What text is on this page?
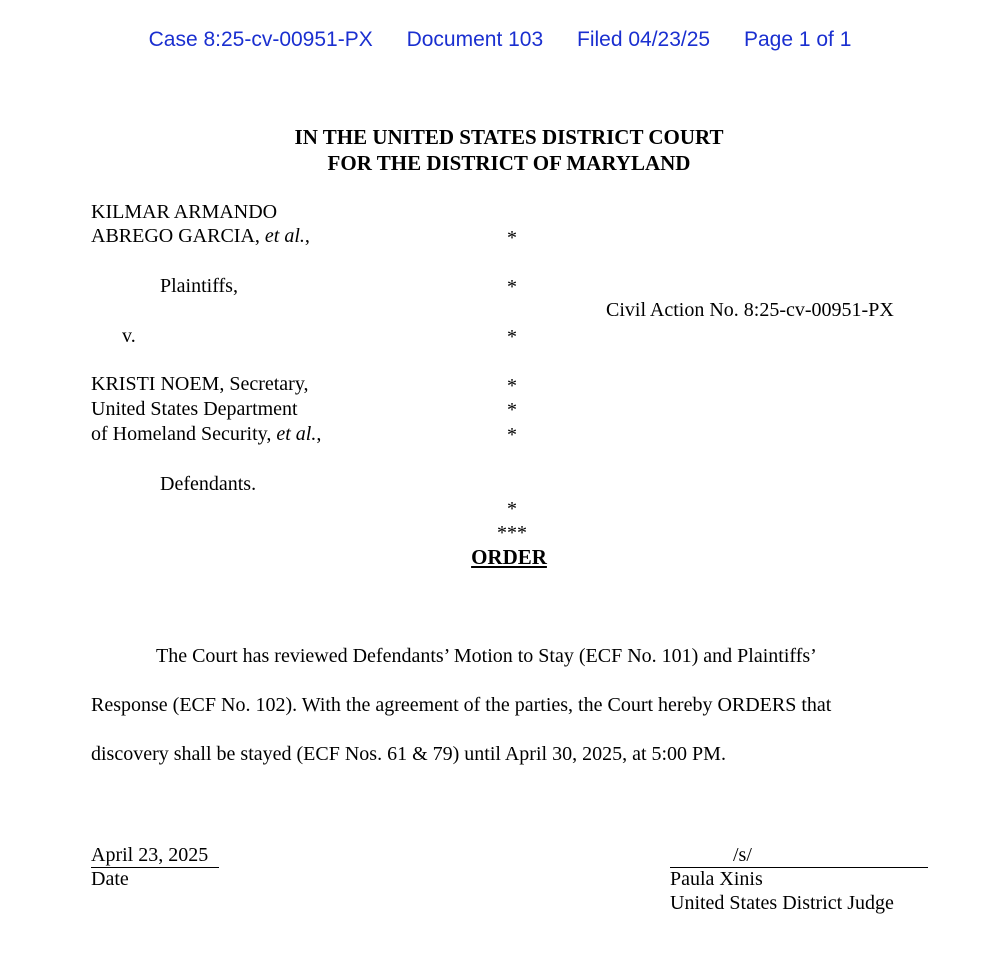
Case 8:25-cv-00951-PX Document 103 Filed 04/23/25 Page 1 of 1
IN THE UNITED STATES DISTRICT COURT
FOR THE DISTRICT OF MARYLAND
KILMAR ARMANDO
ABREGO GARCIA, et al.,
Plaintiffs,
v.
KRISTI NOEM, Secretary,
United States Department
of Homeland Security, et al.,
Defendants.
*
*
*
*
*
*
*
***
Civil Action No. 8:25-cv-00951-PX
ORDER
The Court has reviewed Defendants’ Motion to Stay (ECF No. 101) and Plaintiffs’
Response (ECF No. 102). With the agreement of the parties, the Court hereby ORDERS that
discovery shall be stayed (ECF Nos. 61 & 79) until April 30, 2025, at 5:00 PM.
April 23, 2025
Date
/s/
Paula Xinis
United States District Judge
